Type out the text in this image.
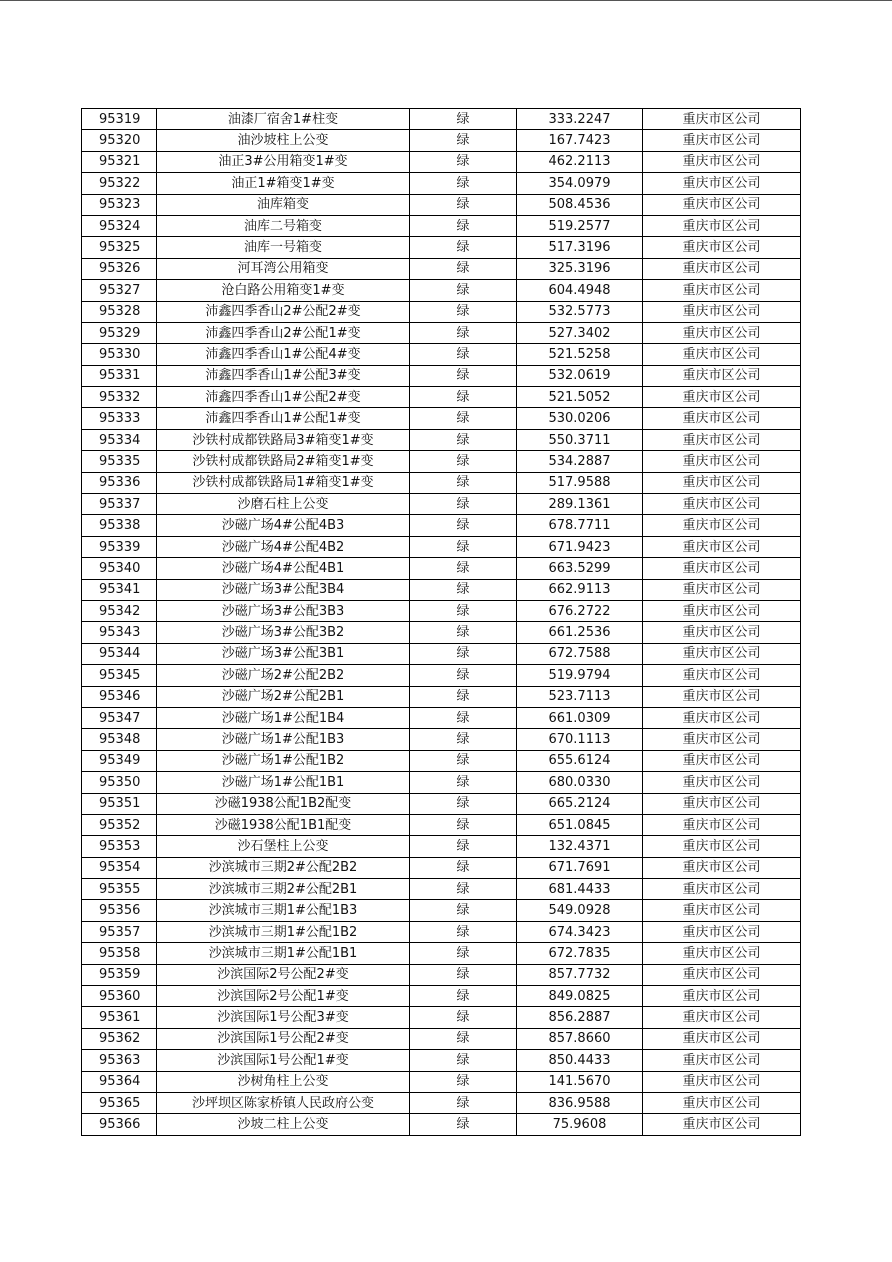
95319	油漆厂宿舍1#柱变	绿	333.2247	重庆市区公司
95320	油沙坡柱上公变	绿	167.7423	重庆市区公司
95321	油正3#公用箱变1#变	绿	462.2113	重庆市区公司
95322	油正1#箱变1#变	绿	354.0979	重庆市区公司
95323	油库箱变	绿	508.4536	重庆市区公司
95324	油库二号箱变	绿	519.2577	重庆市区公司
95325	油库一号箱变	绿	517.3196	重庆市区公司
95326	河耳湾公用箱变	绿	325.3196	重庆市区公司
95327	沧白路公用箱变1#变	绿	604.4948	重庆市区公司
95328	沛鑫四季香山2#公配2#变	绿	532.5773	重庆市区公司
95329	沛鑫四季香山2#公配1#变	绿	527.3402	重庆市区公司
95330	沛鑫四季香山1#公配4#变	绿	521.5258	重庆市区公司
95331	沛鑫四季香山1#公配3#变	绿	532.0619	重庆市区公司
95332	沛鑫四季香山1#公配2#变	绿	521.5052	重庆市区公司
95333	沛鑫四季香山1#公配1#变	绿	530.0206	重庆市区公司
95334	沙铁村成都铁路局3#箱变1#变	绿	550.3711	重庆市区公司
95335	沙铁村成都铁路局2#箱变1#变	绿	534.2887	重庆市区公司
95336	沙铁村成都铁路局1#箱变1#变	绿	517.9588	重庆市区公司
95337	沙磨石柱上公变	绿	289.1361	重庆市区公司
95338	沙磁广场4#公配4B3	绿	678.7711	重庆市区公司
95339	沙磁广场4#公配4B2	绿	671.9423	重庆市区公司
95340	沙磁广场4#公配4B1	绿	663.5299	重庆市区公司
95341	沙磁广场3#公配3B4	绿	662.9113	重庆市区公司
95342	沙磁广场3#公配3B3	绿	676.2722	重庆市区公司
95343	沙磁广场3#公配3B2	绿	661.2536	重庆市区公司
95344	沙磁广场3#公配3B1	绿	672.7588	重庆市区公司
95345	沙磁广场2#公配2B2	绿	519.9794	重庆市区公司
95346	沙磁广场2#公配2B1	绿	523.7113	重庆市区公司
95347	沙磁广场1#公配1B4	绿	661.0309	重庆市区公司
95348	沙磁广场1#公配1B3	绿	670.1113	重庆市区公司
95349	沙磁广场1#公配1B2	绿	655.6124	重庆市区公司
95350	沙磁广场1#公配1B1	绿	680.0330	重庆市区公司
95351	沙磁1938公配1B2配变	绿	665.2124	重庆市区公司
95352	沙磁1938公配1B1配变	绿	651.0845	重庆市区公司
95353	沙石堡柱上公变	绿	132.4371	重庆市区公司
95354	沙滨城市三期2#公配2B2	绿	671.7691	重庆市区公司
95355	沙滨城市三期2#公配2B1	绿	681.4433	重庆市区公司
95356	沙滨城市三期1#公配1B3	绿	549.0928	重庆市区公司
95357	沙滨城市三期1#公配1B2	绿	674.3423	重庆市区公司
95358	沙滨城市三期1#公配1B1	绿	672.7835	重庆市区公司
95359	沙滨国际2号公配2#变	绿	857.7732	重庆市区公司
95360	沙滨国际2号公配1#变	绿	849.0825	重庆市区公司
95361	沙滨国际1号公配3#变	绿	856.2887	重庆市区公司
95362	沙滨国际1号公配2#变	绿	857.8660	重庆市区公司
95363	沙滨国际1号公配1#变	绿	850.4433	重庆市区公司
95364	沙树角柱上公变	绿	141.5670	重庆市区公司
95365	沙坪坝区陈家桥镇人民政府公变	绿	836.9588	重庆市区公司
95366	沙坡二柱上公变	绿	75.9608	重庆市区公司
